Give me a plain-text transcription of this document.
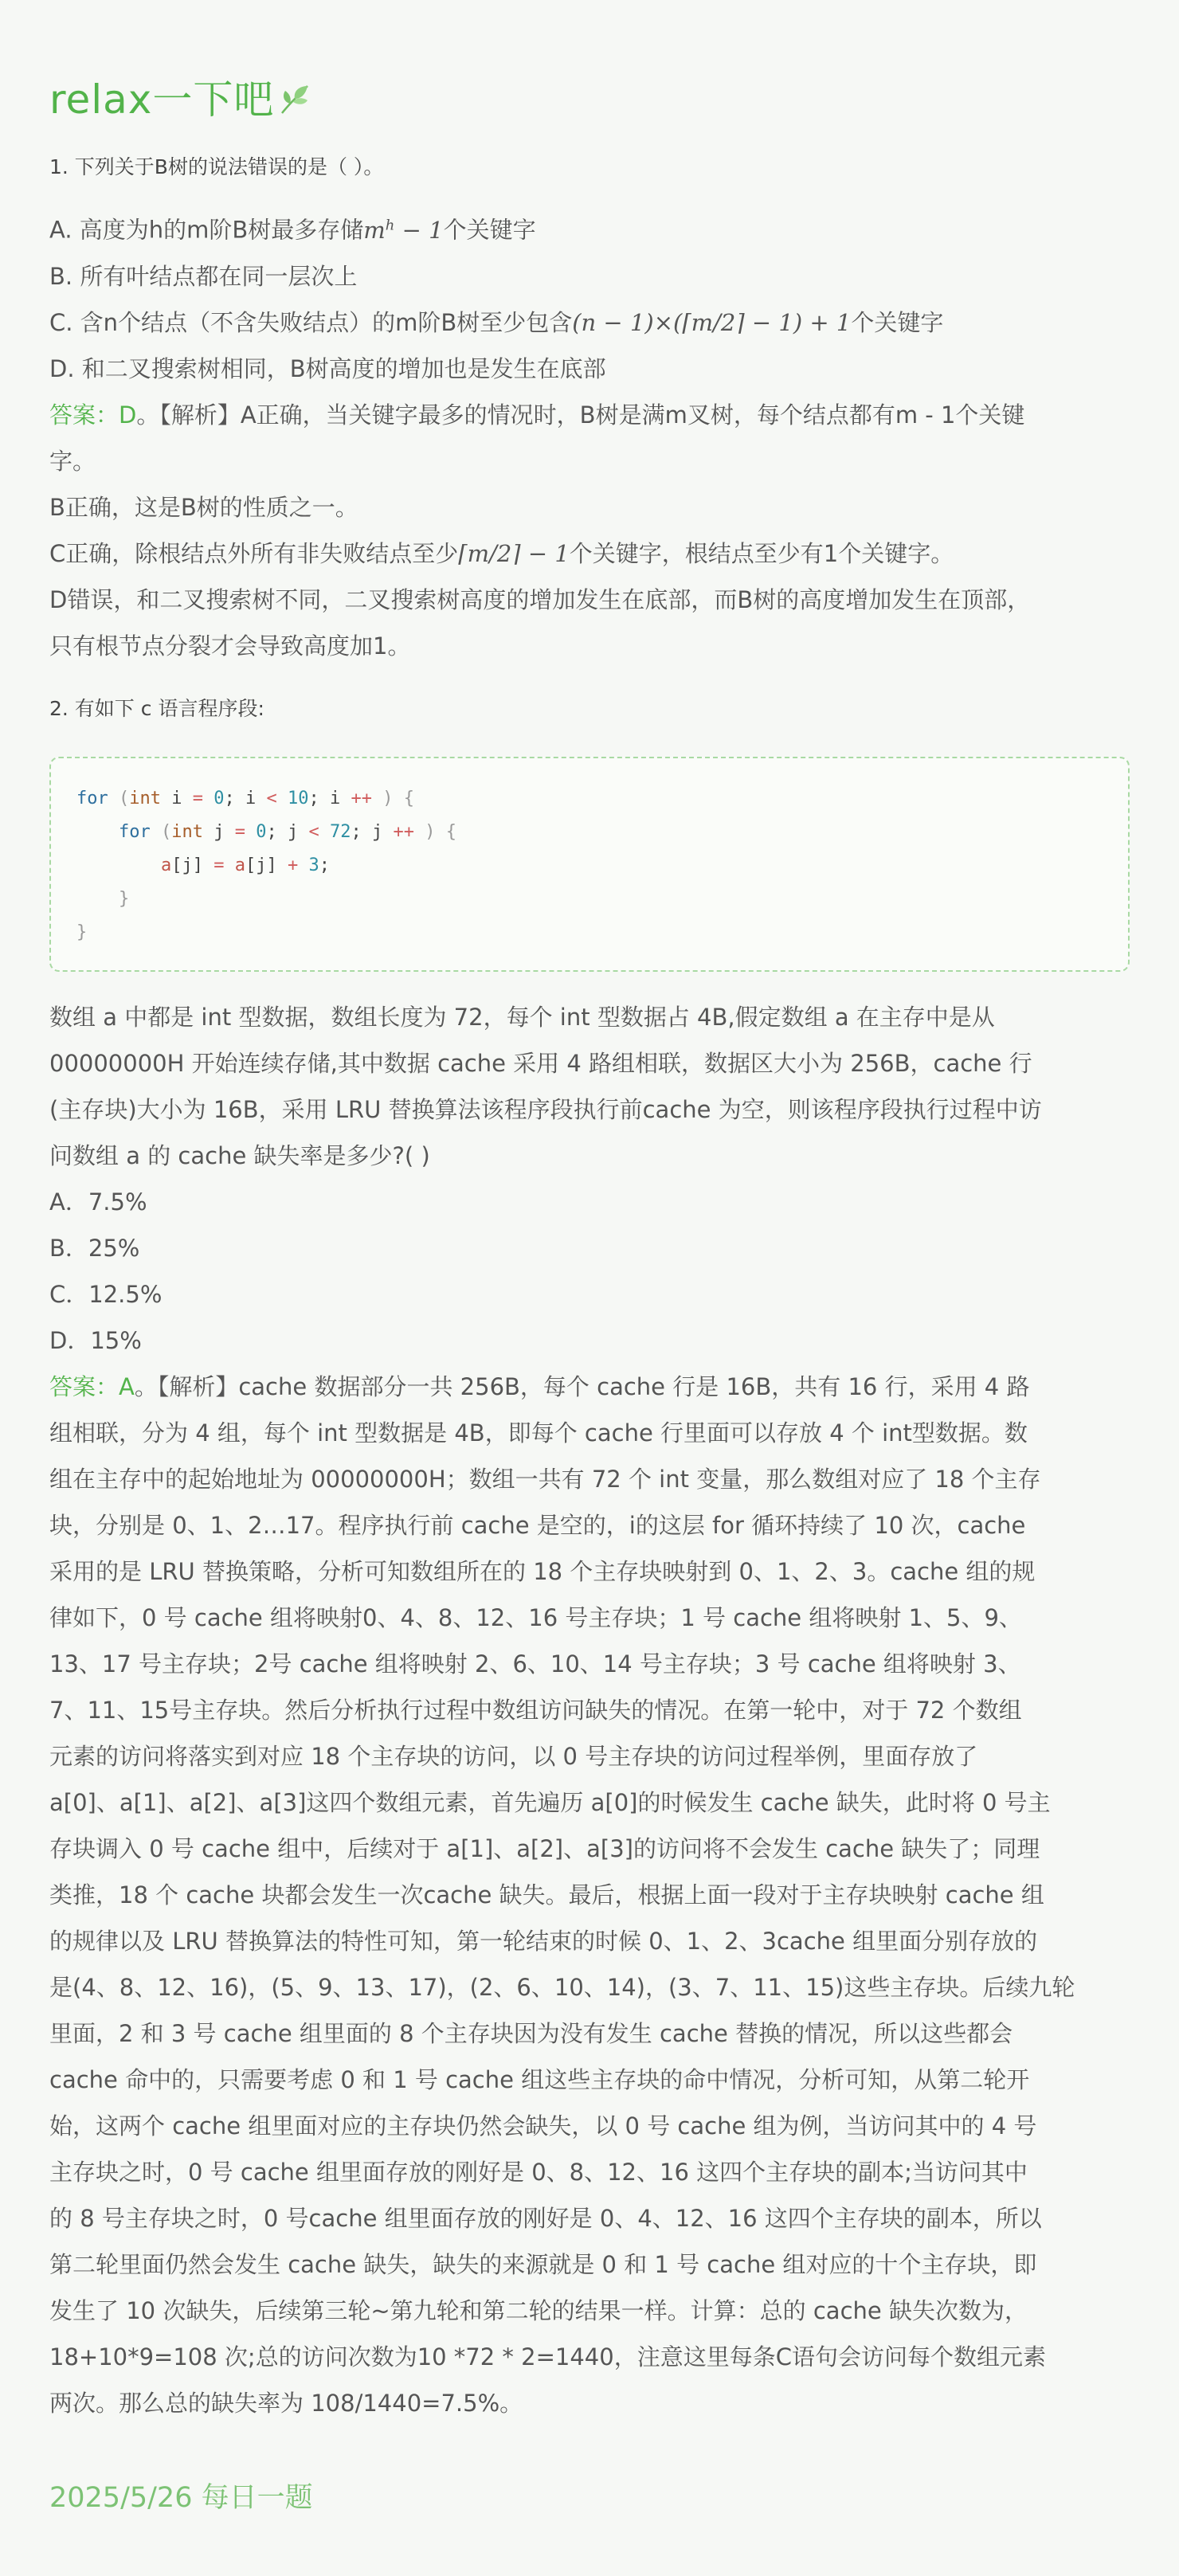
relax一下吧

1. 下列关于B树的说法错误的是（ ）。

A. 高度为h的m阶B树最多存储$m^h - 1$个关键字

B. 所有叶结点都在同一层次上

C. 含n个结点（不含失败结点）的m阶B树至少包含(n − 1)×(⌈m/2⌉ − 1) + 1个关键字

D. 和二叉搜索树相同，B树高度的增加也是发生在底部

答案：D。【解析】A正确，当关键字最多的情况时，B树是满m叉树，每个结点都有m - 1个关键

字。

B正确，这是B树的性质之一。

C正确，除根结点外所有非失败结点至少⌈m/2⌉ − 1个关键字，根结点至少有1个关键字。

D错误，和二叉搜索树不同，二叉搜索树高度的增加发生在底部，而B树的高度增加发生在顶部，

只有根节点分裂才会导致高度加1。

2. 有如下 c 语言程序段:

for (int i = 0; i < 10; i ++ ) {
for (int j = 0; j < 72; j ++ ) {
a[j] = a[j] + 3;
}
}

数组 a 中都是 int 型数据，数组长度为 72，每个 int 型数据占 4B,假定数组 a 在主存中是从

00000000H 开始连续存储,其中数据 cache 采用 4 路组相联，数据区大小为 256B，cache 行

(主存块)大小为 16B，采用 LRU 替换算法该程序段执行前cache 为空，则该程序段执行过程中访

问数组 a 的 cache 缺失率是多少?( )

A．7.5%

B．25%

C．12.5%

D．15%

答案：A。【解析】cache 数据部分一共 256B，每个 cache 行是 16B，共有 16 行，采用 4 路

组相联，分为 4 组，每个 int 型数据是 4B，即每个 cache 行里面可以存放 4 个 int型数据。数

组在主存中的起始地址为 00000000H；数组一共有 72 个 int 变量，那么数组对应了 18 个主存

块，分别是 0、1、2…17。程序执行前 cache 是空的，i的这层 for 循环持续了 10 次，cache

采用的是 LRU 替换策略，分析可知数组所在的 18 个主存块映射到 0、1、2、3。cache 组的规

律如下，0 号 cache 组将映射0、4、8、12、16 号主存块；1 号 cache 组将映射 1、5、9、

13、17 号主存块；2号 cache 组将映射 2、6、10、14 号主存块；3 号 cache 组将映射 3、

7、11、15号主存块。然后分析执行过程中数组访问缺失的情况。在第一轮中，对于 72 个数组

元素的访问将落实到对应 18 个主存块的访问，以 0 号主存块的访问过程举例，里面存放了

a[0]、a[1]、a[2]、a[3]这四个数组元素，首先遍历 a[0]的时候发生 cache 缺失，此时将 0 号主

存块调入 0 号 cache 组中，后续对于 a[1]、a[2]、a[3]的访问将不会发生 cache 缺失了；同理

类推，18 个 cache 块都会发生一次cache 缺失。最后，根据上面一段对于主存块映射 cache 组

的规律以及 LRU 替换算法的特性可知，第一轮结束的时候 0、1、2、3cache 组里面分别存放的

是(4、8、12、16)，(5、9、13、17)，(2、6、10、14)，(3、7、11、15)这些主存块。后续九轮

里面，2 和 3 号 cache 组里面的 8 个主存块因为没有发生 cache 替换的情况，所以这些都会

cache 命中的，只需要考虑 0 和 1 号 cache 组这些主存块的命中情况，分析可知，从第二轮开

始，这两个 cache 组里面对应的主存块仍然会缺失，以 0 号 cache 组为例，当访问其中的 4 号

主存块之时，0 号 cache 组里面存放的刚好是 0、8、12、16 这四个主存块的副本;当访问其中

的 8 号主存块之时，0 号cache 组里面存放的刚好是 0、4、12、16 这四个主存块的副本，所以

第二轮里面仍然会发生 cache 缺失，缺失的来源就是 0 和 1 号 cache 组对应的十个主存块，即

发生了 10 次缺失，后续第三轮~第九轮和第二轮的结果一样。计算：总的 cache 缺失次数为，

18+10*9=108 次;总的访问次数为10 *72 * 2=1440，注意这里每条C语句会访问每个数组元素

两次。那么总的缺失率为 108/1440=7.5%。

2025/5/26 每日一题
